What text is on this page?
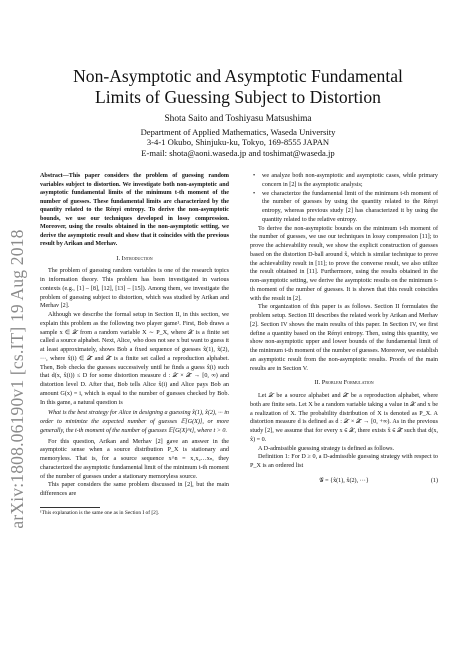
arXiv:1808.06190v1 [cs.IT] 19 Aug 2018
Non-Asymptotic and Asymptotic Fundamental
Limits of Guessing Subject to Distortion
Shota Saito and Toshiyasu Matsushima
Department of Applied Mathematics, Waseda University
3-4-1 Okubo, Shinjuku-ku, Tokyo, 169-8555 JAPAN
E-mail: shota@aoni.waseda.jp and toshimat@waseda.jp
Abstract—This paper considers the problem of guessing random variables subject to distortion. We investigate both non-asymptotic and asymptotic fundamental limits of the minimum t-th moment of the number of guesses. These fundamental limits are characterized by the quantity related to the Rényi entropy. To derive the non-asymptotic bounds, we use our techniques developed in lossy compression. Moreover, using the results obtained in the non-asymptotic setting, we derive the asymptotic result and show that it coincides with the previous result by Arikan and Merhav.
I. Introduction

The problem of guessing random variables is one of the research topics in information theory. This problem has been investigated in various contexts (e.g., [1] – [8], [12], [13] – [15]). Among them, we investigate the problem of guessing subject to distortion, which was studied by Arikan and Merhav [2].

Although we describe the formal setup in Section II, in this section, we explain this problem as the following two player game¹. First, Bob draws a sample x ∈ 𝒳 from a random variable X ∼ P_X, where 𝒳 is a finite set called a source alphabet. Next, Alice, who does not see x but want to guess it at least approximately, shows Bob a fixed sequence of guesses x̂(1), x̂(2), ···, where x̂(i) ∈ 𝒳̂ and 𝒳̂ is a finite set called a reproduction alphabet. Then, Bob checks the guesses successively until he finds a guess x̂(i) such that d(x, x̂(i)) ≤ D for some distortion measure d : 𝒳 × 𝒳̂ → [0, ∞) and distortion level D. After that, Bob tells Alice x̂(i) and Alice pays Bob an amount G(x) = i, which is equal to the number of guesses checked by Bob. In this game, a natural question is

What is the best strategy for Alice in designing a guessing x̂(1), x̂(2), ··· in order to minimize the expected number of guesses 𝔼[G(X)], or more generally, the t-th moment of the number of guesses 𝔼[G(X)^t], where t > 0.

For this question, Arikan and Merhav [2] gave an answer in the asymptotic sense when a source distribution P_X is stationary and memoryless. That is, for a source sequence x^n = x₁x₂…xₙ, they characterized the asymptotic fundamental limit of the minimum t-th moment of the number of guesses under a stationary memoryless source.

This paper considers the same problem discussed in [2], but the main differences are

¹This explanation is the same one as in Section I of [2].
• we analyze both non-asymptotic and asymptotic cases, while primary concern in [2] is the asymptotic analysis;
• we characterize the fundamental limit of the minimum t-th moment of the number of guesses by using the quantity related to the Rényi entropy, whereas previous study [2] has characterized it by using the quantity related to the relative entropy.

To derive the non-asymptotic bounds on the minimum t-th moment of the number of guesses, we use our techniques in lossy compression [11]; to prove the achievability result, we show the explicit construction of guesses based on the distortion D-ball around x̂, which is similar technique to prove the achievability result in [11]; to prove the converse result, we also utilize the result obtained in [11]. Furthermore, using the results obtained in the non-asymptotic setting, we derive the asymptotic results on the minimum t-th moment of the number of guesses. It is shown that this result coincides with the result in [2].

The organization of this paper is as follows. Section II formulates the problem setup. Section III describes the related work by Arikan and Merhav [2]. Section IV shows the main results of this paper. In Section IV, we first define a quantity based on the Rényi entropy. Then, using this quantity, we show non-asymptotic upper and lower bounds of the fundamental limit of the minimum t-th moment of the number of guesses. Moreover, we establish an asymptotic result from the non-asymptotic results. Proofs of the main results are in Section V.

II. Problem Formulation

Let 𝒳 be a source alphabet and 𝒳̂ be a reproduction alphabet, where both are finite sets. Let X be a random variable taking a value in 𝒳 and x be a realization of X. The probability distribution of X is denoted as P_X. A distortion measure d is defined as d : 𝒳 × 𝒳̂ → [0, +∞). As in the previous study [2], we assume that for every x ∈ 𝒳, there exists x̂ ∈ 𝒳̂ such that d(x, x̂) = 0.

A D-admissible guessing strategy is defined as follows.

Definition 1: For D ≥ 0, a D-admissible guessing strategy with respect to P_X is an ordered list

𝒢 = {x̂(1), x̂(2), ···}	(1)
